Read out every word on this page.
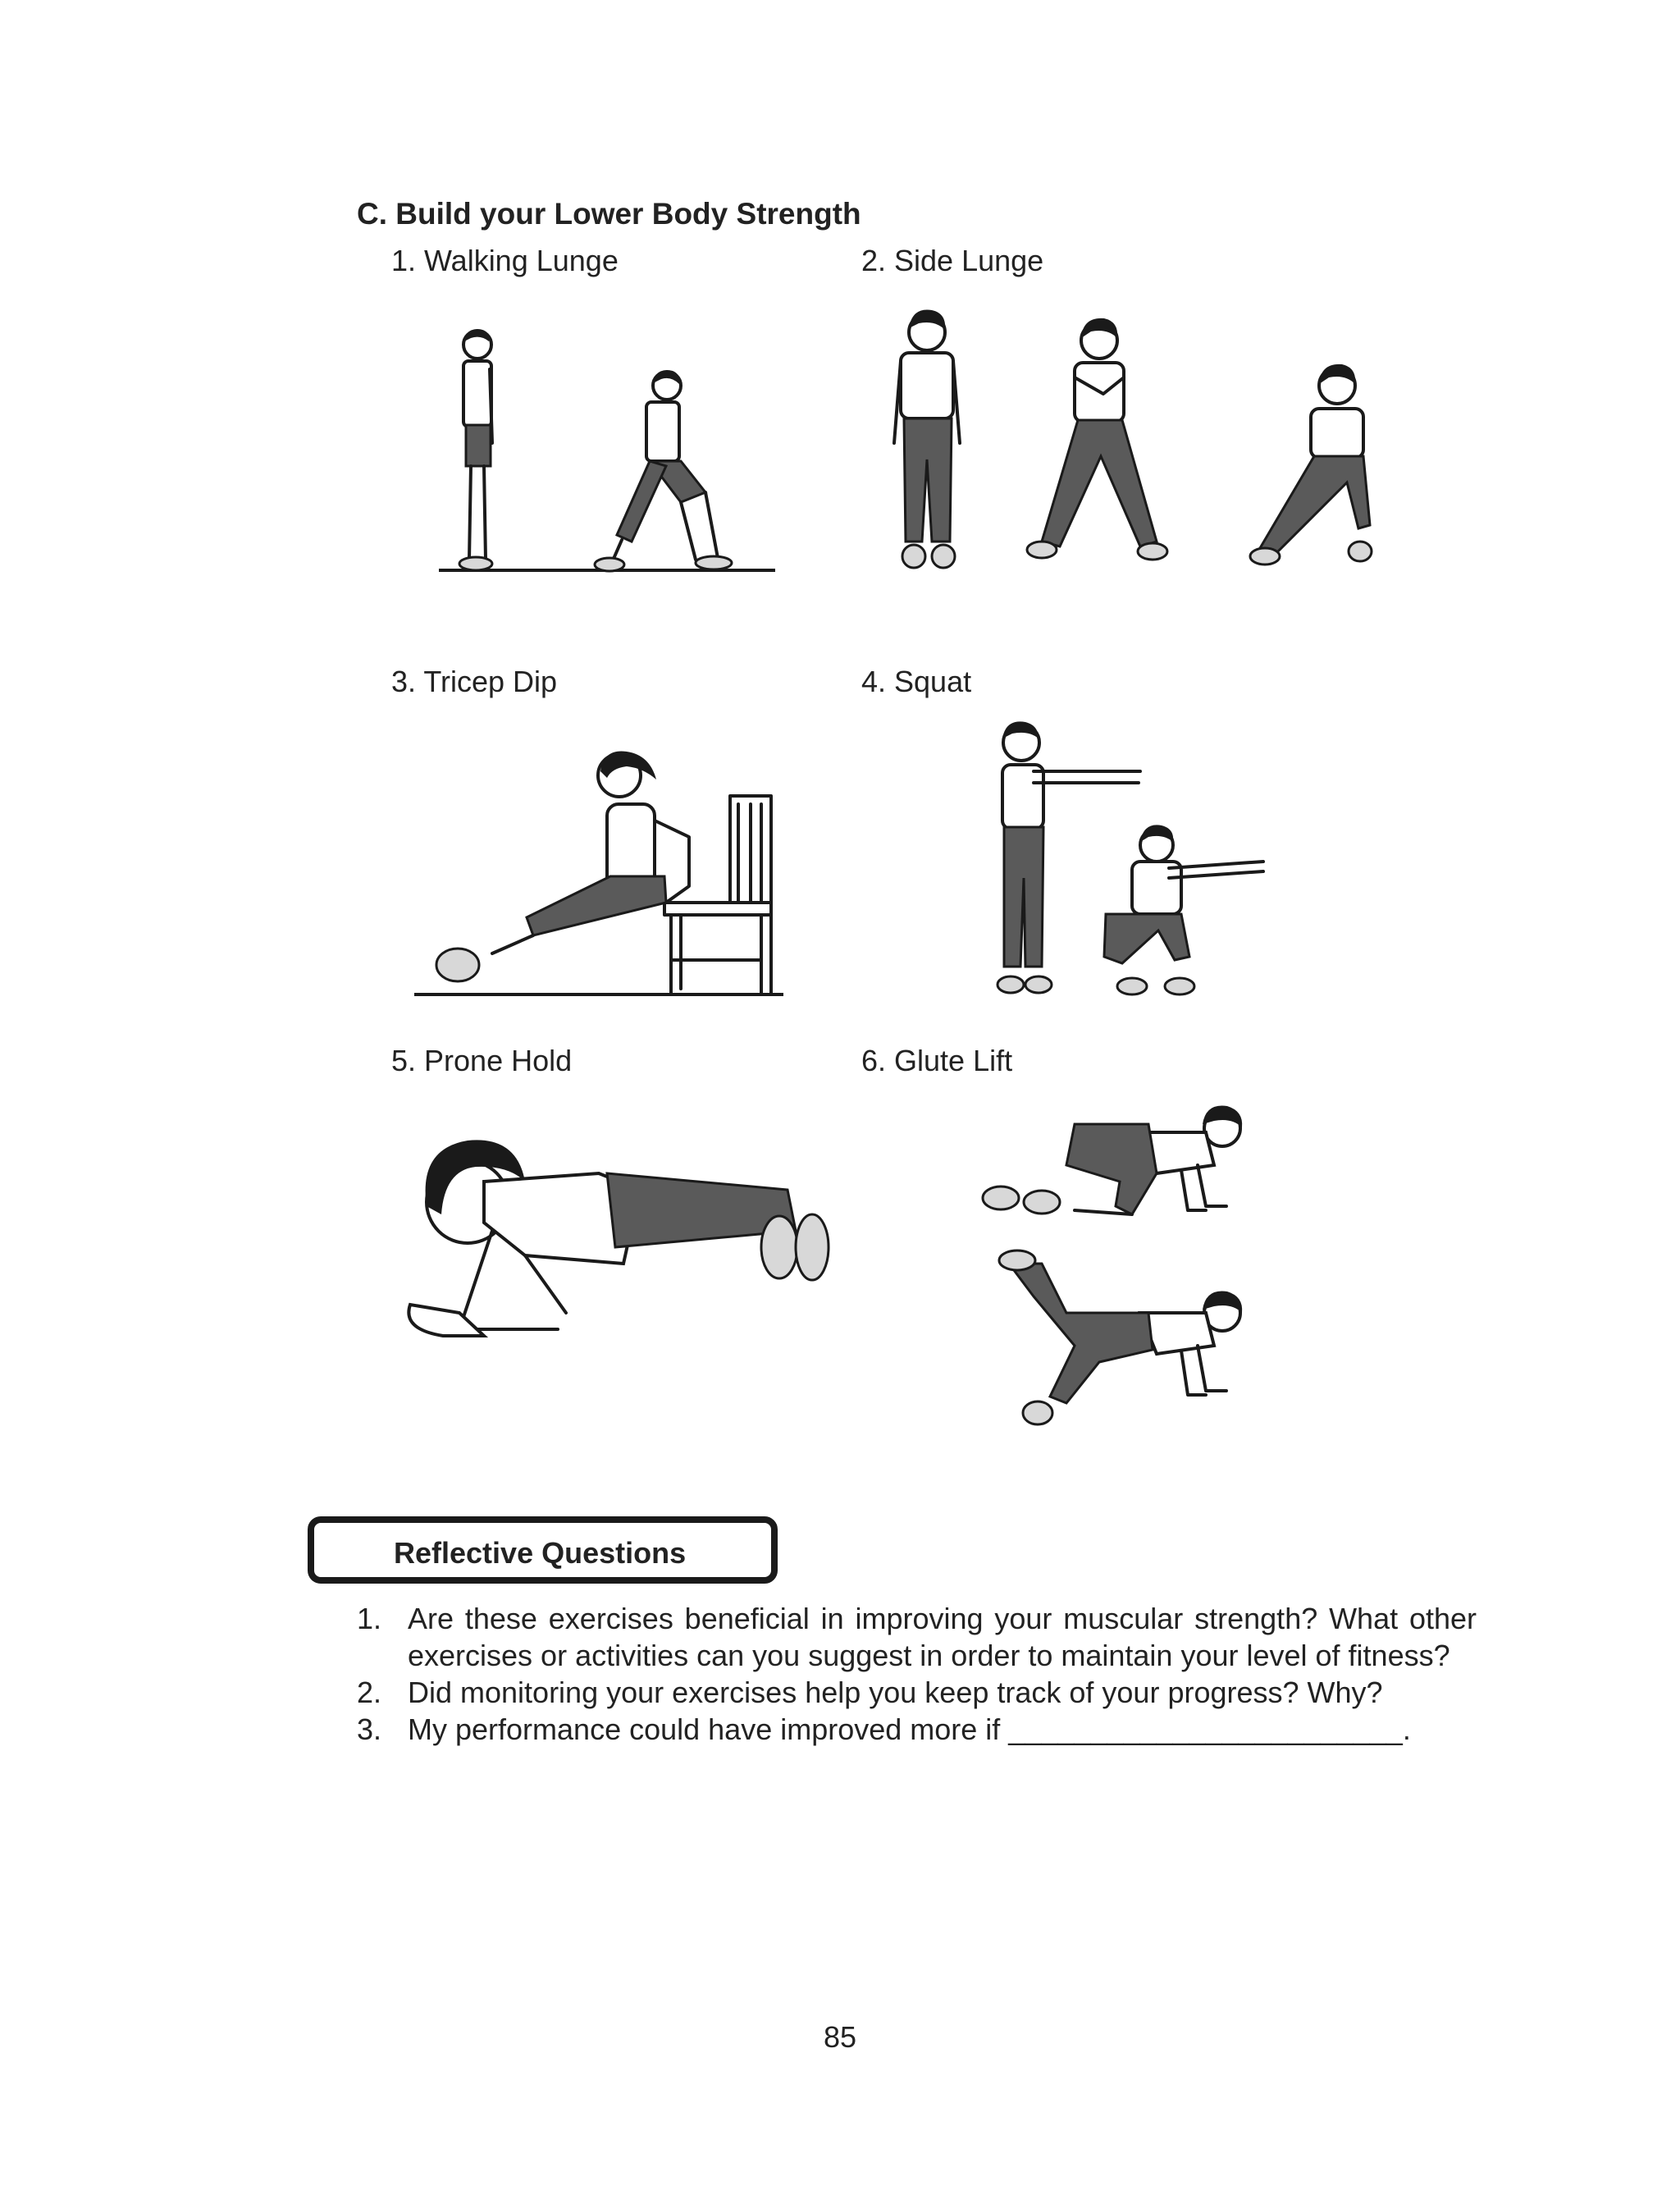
C. Build your Lower Body Strength
1. Walking Lunge	2. Side Lunge
3. Tricep Dip	4. Squat
5. Prone Hold	6. Glute Lift
Reflective Questions
1. Are these exercises beneficial in improving your muscular strength? What other exercises or activities can you suggest in order to maintain your level of fitness?
2. Did monitoring your exercises help you keep track of your progress? Why?
3. My performance could have improved more if ________________________.
85
